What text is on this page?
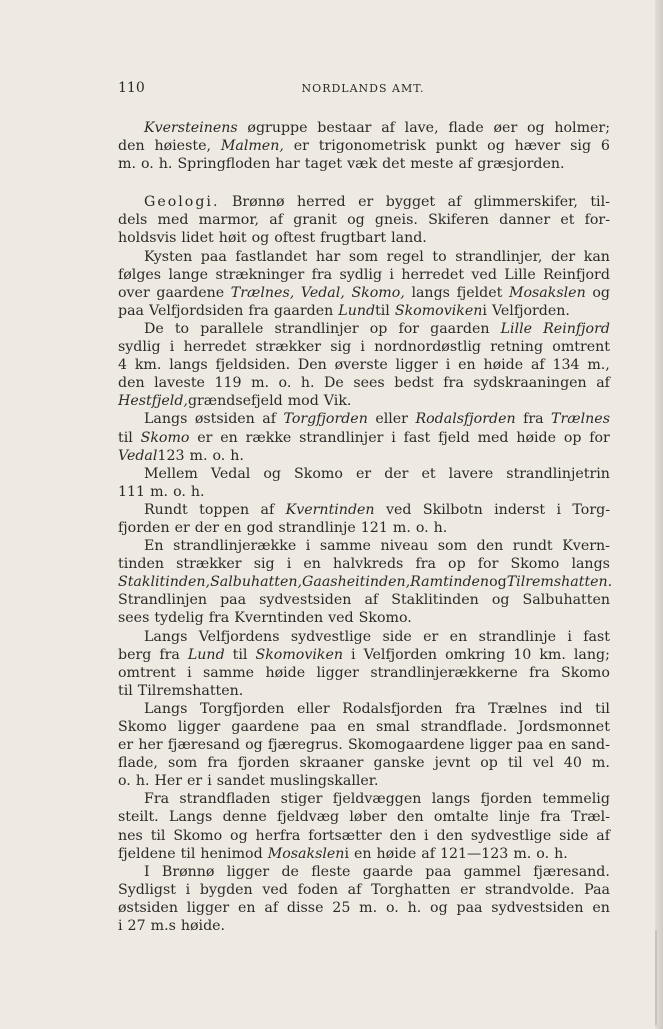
110	NORDLANDS AMT.
Kversteinens øgruppe bestaar af lave, flade øer og holmer;
den høieste, Malmen, er trigonometrisk punkt og hæver sig 6
m. o. h. Springfloden har taget væk det meste af græsjorden.
Geologi. Brønnø herred er bygget af glimmerskifer, til-
dels med marmor, af granit og gneis. Skiferen danner et for-
holdsvis lidet høit og oftest frugtbart land.
Kysten paa fastlandet har som regel to strandlinjer, der kan
følges lange strækninger fra sydlig i herredet ved Lille Reinfjord
over gaardene Trælnes, Vedal, Skomo, langs fjeldet Mosakslen og
paa Velfjordsiden fra gaarden Lund til Skomoviken i Velfjorden.
De to parallele strandlinjer op for gaarden Lille Reinfjord
sydlig i herredet strækker sig i nordnordøstlig retning omtrent
4 km. langs fjeldsiden. Den øverste ligger i en høide af 134 m.,
den laveste 119 m. o. h. De sees bedst fra sydskraaningen af
Hestfjeld, grændsefjeld mod Vik.
Langs østsiden af Torgfjorden eller Rodalsfjorden fra Trælnes
til Skomo er en række strandlinjer i fast fjeld med høide op for
Vedal 123 m. o. h.
Mellem Vedal og Skomo er der et lavere strandlinjetrin
111 m. o. h.
Rundt toppen af Kverntinden ved Skilbotn inderst i Torg-
fjorden er der en god strandlinje 121 m. o. h.
En strandlinjerække i samme niveau som den rundt Kvern-
tinden strækker sig i en halvkreds fra op for Skomo langs
Staklitinden, Salbuhatten, Gaasheitinden, Ramtinden og Tilremshatten.
Strandlinjen paa sydvestsiden af Staklitinden og Salbuhatten
sees tydelig fra Kverntinden ved Skomo.
Langs Velfjordens sydvestlige side er en strandlinje i fast
berg fra Lund til Skomoviken i Velfjorden omkring 10 km. lang;
omtrent i samme høide ligger strandlinjerækkerne fra Skomo
til Tilremshatten.
Langs Torgfjorden eller Rodalsfjorden fra Trælnes ind til
Skomo ligger gaardene paa en smal strandflade. Jordsmonnet
er her fjæresand og fjæregrus. Skomogaardene ligger paa en sand-
flade, som fra fjorden skraaner ganske jevnt op til vel 40 m.
o. h. Her er i sandet muslingskaller.
Fra strandfladen stiger fjeldvæggen langs fjorden temmelig
steilt. Langs denne fjeldvæg løber den omtalte linje fra Træl-
nes til Skomo og herfra fortsætter den i den sydvestlige side af
fjeldene til henimod Mosakslen i en høide af 121—123 m. o. h.
I Brønnø ligger de fleste gaarde paa gammel fjæresand.
Sydligst i bygden ved foden af Torghatten er strandvolde. Paa
østsiden ligger en af disse 25 m. o. h. og paa sydvestsiden en
i 27 m.s høide.
